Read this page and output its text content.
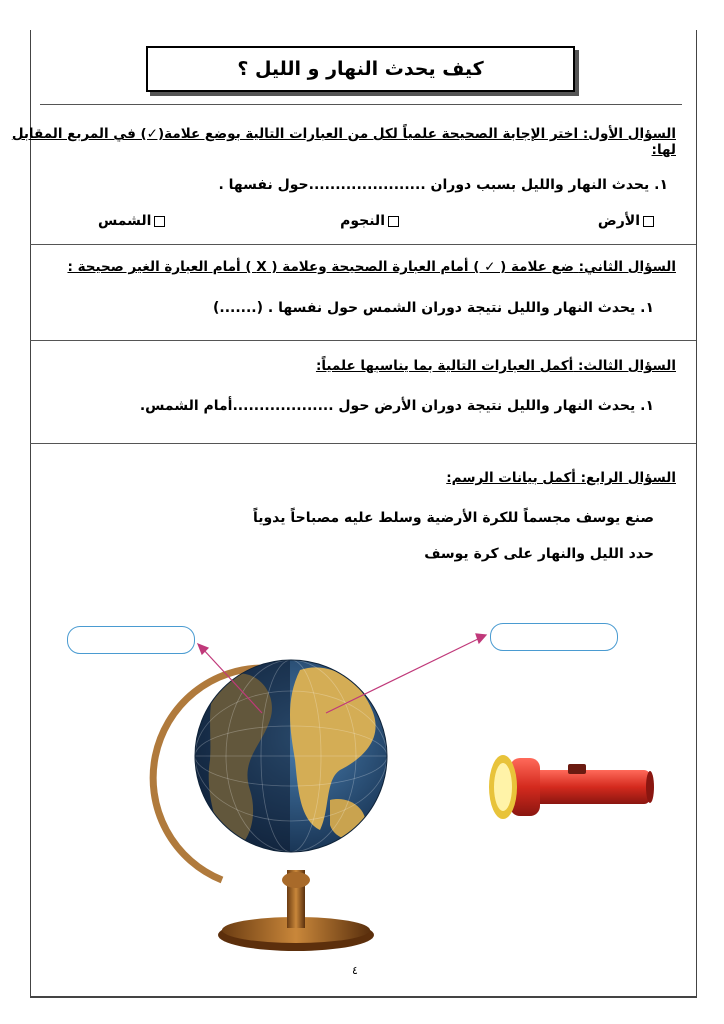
كيف يحدث النهار و الليل ؟
السؤال الأول: اختر الإجابة الصحيحة علمياً لكل من العبارات التالية بوضع علامة(✓) في المربع المقابل لها:
١. يحدث النهار والليل بسبب دوران ......................حول نفسها .
الأرض
النجوم
الشمس
السؤال الثاني: ضع علامة ( ✓ ) أمام العبارة الصحيحة وعلامة ( X ) أمام العبارة الغير صحيحة :
١. يحدث النهار والليل نتيجة دوران الشمس حول نفسها . (.......)
السؤال الثالث: أكمل العبارات التالية بما يناسبها علمياً:
١. يحدث النهار والليل نتيجة دوران الأرض حول ...................أمام الشمس.
السؤال الرابع: أكمل بيانات الرسم:
صنع يوسف مجسماً للكرة الأرضية وسلط عليه مصباحاً يدوياً
حدد الليل والنهار على كرة يوسف
٤
